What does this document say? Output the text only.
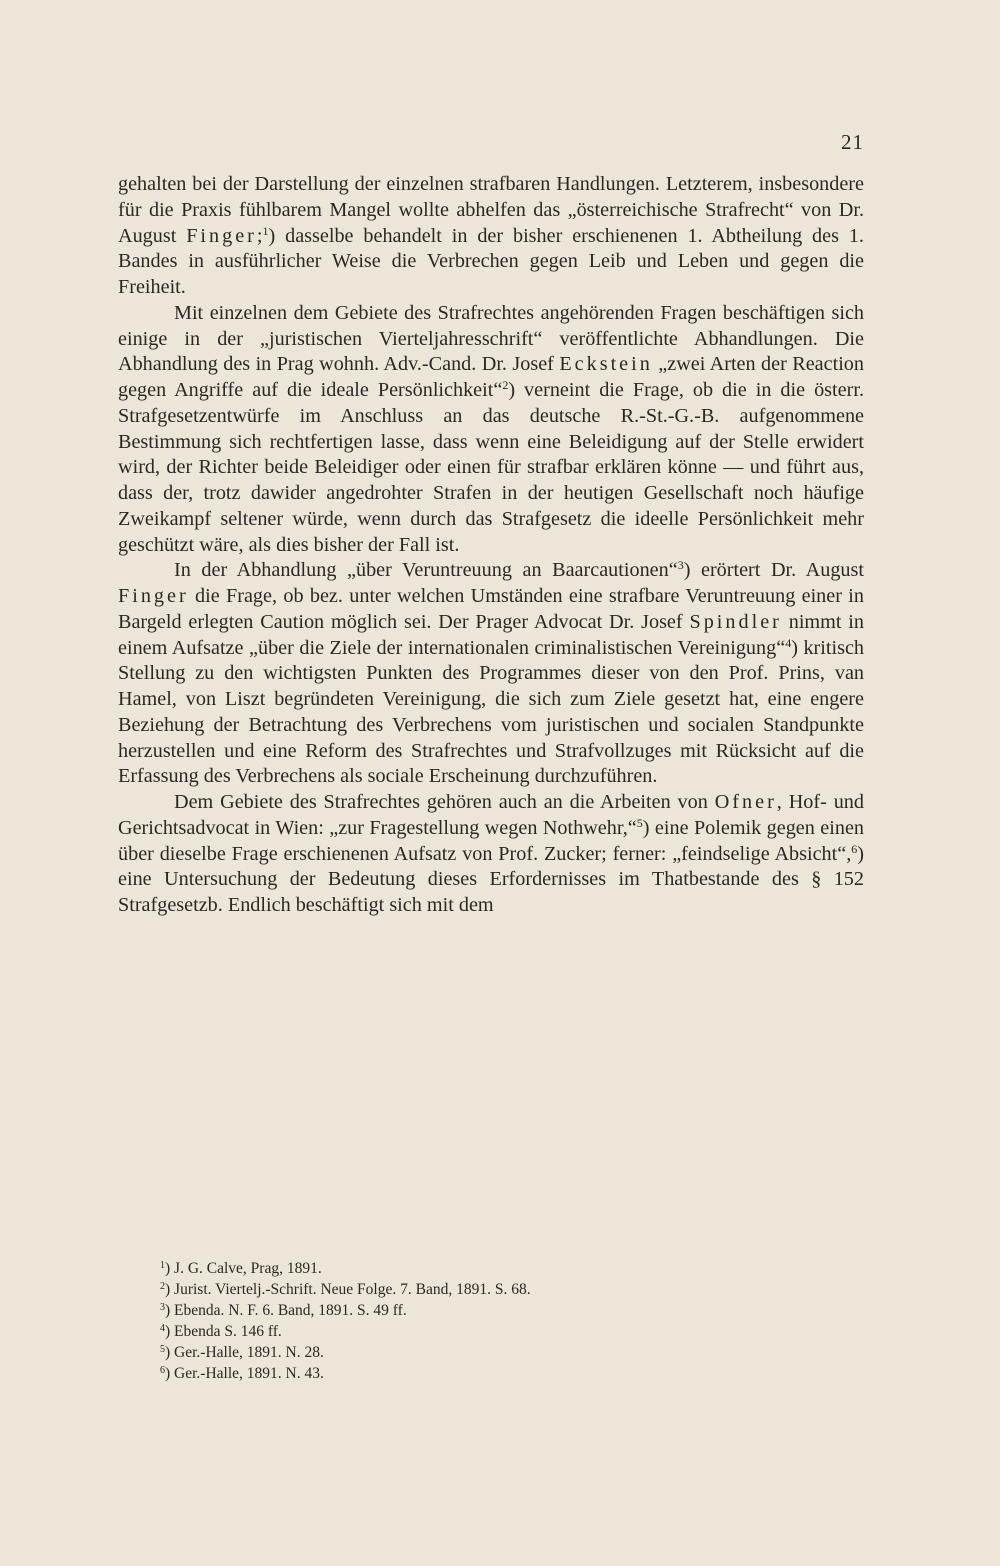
21

gehalten bei der Darstellung der einzelnen strafbaren Handlungen. Letzterem, insbesondere für die Praxis fühlbarem Mangel wollte abhelfen das „österreichische Strafrecht“ von Dr. August Finger;$^1$) dasselbe behandelt in der bisher erschienenen 1. Abtheilung des 1. Bandes in ausführlicher Weise die Verbrechen gegen Leib und Leben und gegen die Freiheit.

Mit einzelnen dem Gebiete des Strafrechtes angehörenden Fragen beschäftigen sich einige in der „juristischen Vierteljahresschrift“ veröffentlichte Abhandlungen. Die Abhandlung des in Prag wohnh. Adv.-Cand. Dr. Josef Eckstein „zwei Arten der Reaction gegen Angriffe auf die ideale Persönlichkeit“$^2$) verneint die Frage, ob die in die österr. Strafgesetzentwürfe im Anschluss an das deutsche R.-St.-G.-B. aufgenommene Bestimmung sich rechtfertigen lasse, dass wenn eine Beleidigung auf der Stelle erwidert wird, der Richter beide Beleidiger oder einen für strafbar erklären könne — und führt aus, dass der, trotz dawider angedrohter Strafen in der heutigen Gesellschaft noch häufige Zweikampf seltener würde, wenn durch das Strafgesetz die ideelle Persönlichkeit mehr geschützt wäre, als dies bisher der Fall ist.

In der Abhandlung „über Veruntreuung an Baarcautionen“$^3$) erörtert Dr. August Finger die Frage, ob bez. unter welchen Umständen eine strafbare Veruntreuung einer in Bargeld erlegten Caution möglich sei. Der Prager Advocat Dr. Josef Spindler nimmt in einem Aufsatze „über die Ziele der internationalen criminalistischen Vereinigung“$^4$) kritisch Stellung zu den wichtigsten Punkten des Programmes dieser von den Prof. Prins, van Hamel, von Liszt begründeten Vereinigung, die sich zum Ziele gesetzt hat, eine engere Beziehung der Betrachtung des Verbrechens vom juristischen und socialen Standpunkte herzustellen und eine Reform des Strafrechtes und Strafvollzuges mit Rücksicht auf die Erfassung des Verbrechens als sociale Erscheinung durchzuführen.

Dem Gebiete des Strafrechtes gehören auch an die Arbeiten von Ofner, Hof- und Gerichtsadvocat in Wien: „zur Fragestellung wegen Nothwehr,“$^5$) eine Polemik gegen einen über dieselbe Frage erschienenen Aufsatz von Prof. Zucker; ferner: „feindselige Absicht“,$^6$) eine Untersuchung der Bedeutung dieses Erfordernisses im Thatbestande des § 152 Strafgesetzb. Endlich beschäftigt sich mit dem

$^1$) J. G. Calve, Prag, 1891.

$^2$) Jurist. Viertelj.-Schrift. Neue Folge. 7. Band, 1891. S. 68.

$^3$) Ebenda. N. F. 6. Band, 1891. S. 49 ff.

$^4$) Ebenda S. 146 ff.

$^5$) Ger.-Halle, 1891. N. 28.

$^6$) Ger.-Halle, 1891. N. 43.
